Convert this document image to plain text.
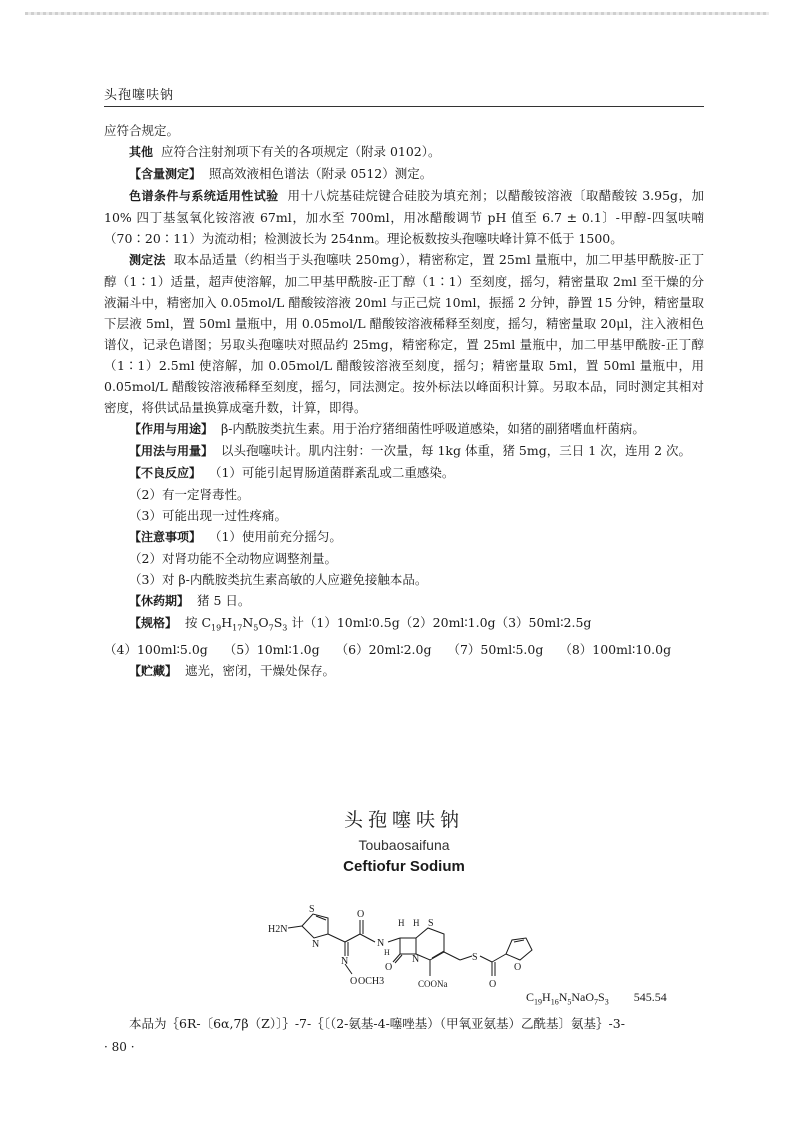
头孢噻呋钠

应符合规定。

其他 应符合注射剂项下有关的各项规定（附录 0102）。

【含量测定】 照高效液相色谱法（附录 0512）测定。

色谱条件与系统适用性试验 用十八烷基硅烷键合硅胶为填充剂；以醋酸铵溶液〔取醋酸铵 3.95g，加 10% 四丁基氢氧化铵溶液 67ml，加水至 700ml，用冰醋酸调节 pH 值至 6.7 ± 0.1〕-甲醇-四氢呋喃（70∶20∶11）为流动相；检测波长为 254nm。理论板数按头孢噻呋峰计算不低于 1500。

测定法 取本品适量（约相当于头孢噻呋 250mg），精密称定，置 25ml 量瓶中，加二甲基甲酰胺-正丁醇（1∶1）适量，超声使溶解，加二甲基甲酰胺-正丁醇（1∶1）至刻度，摇匀，精密量取 2ml 至干燥的分液漏斗中，精密加入 0.05mol/L 醋酸铵溶液 20ml 与正己烷 10ml，振摇 2 分钟，静置 15 分钟，精密量取下层液 5ml，置 50ml 量瓶中，用 0.05mol/L 醋酸铵溶液稀释至刻度，摇匀，精密量取 20μl，注入液相色谱仪，记录色谱图；另取头孢噻呋对照品约 25mg，精密称定，置 25ml 量瓶中，加二甲基甲酰胺-正丁醇（1∶1）2.5ml 使溶解，加 0.05mol/L 醋酸铵溶液至刻度，摇匀；精密量取 5ml，置 50ml 量瓶中，用 0.05mol/L 醋酸铵溶液稀释至刻度，摇匀，同法测定。按外标法以峰面积计算。另取本品，同时测定其相对密度，将供试品量换算成毫升数，计算，即得。

【作用与用途】 β-内酰胺类抗生素。用于治疗猪细菌性呼吸道感染，如猪的副猪嗜血杆菌病。

【用法与用量】 以头孢噻呋计。肌内注射：一次量，每 1kg 体重，猪 5mg，三日 1 次，连用 2 次。

【不良反应】 （1）可能引起胃肠道菌群紊乱或二重感染。

（2）有一定肾毒性。

（3）可能出现一过性疼痛。

【注意事项】 （1）使用前充分摇匀。

（2）对肾功能不全动物应调整剂量。

（3）对 β-内酰胺类抗生素高敏的人应避免接触本品。

【休药期】 猪 5 日。

【规格】 按 $C_{19}H_{17}N_5O_7S_3$ 计（1）10ml∶0.5g（2）20ml∶1.0g（3）50ml∶2.5g

（4）100ml∶5.0g （5）10ml∶1.0g （6）20ml∶2.0g （7）50ml∶5.0g （8）100ml∶10.0g

【贮藏】 遮光，密闭，干燥处保存。

头孢噻呋钠
Toubaosaifuna
Ceftiofur Sodium
S
N
H2N
O
N
H
H H S
N	N
O
O OCH3	COONa
S
O
O
$C_{19}H_{16}N_5NaO_7S_3$ 545.54
本品为｛6R-〔6α,7β（Z）〕｝-7-｛〔（2-氨基-4-噻唑基）（甲氧亚氨基）乙酰基〕氨基｝-3-
· 80 ·
